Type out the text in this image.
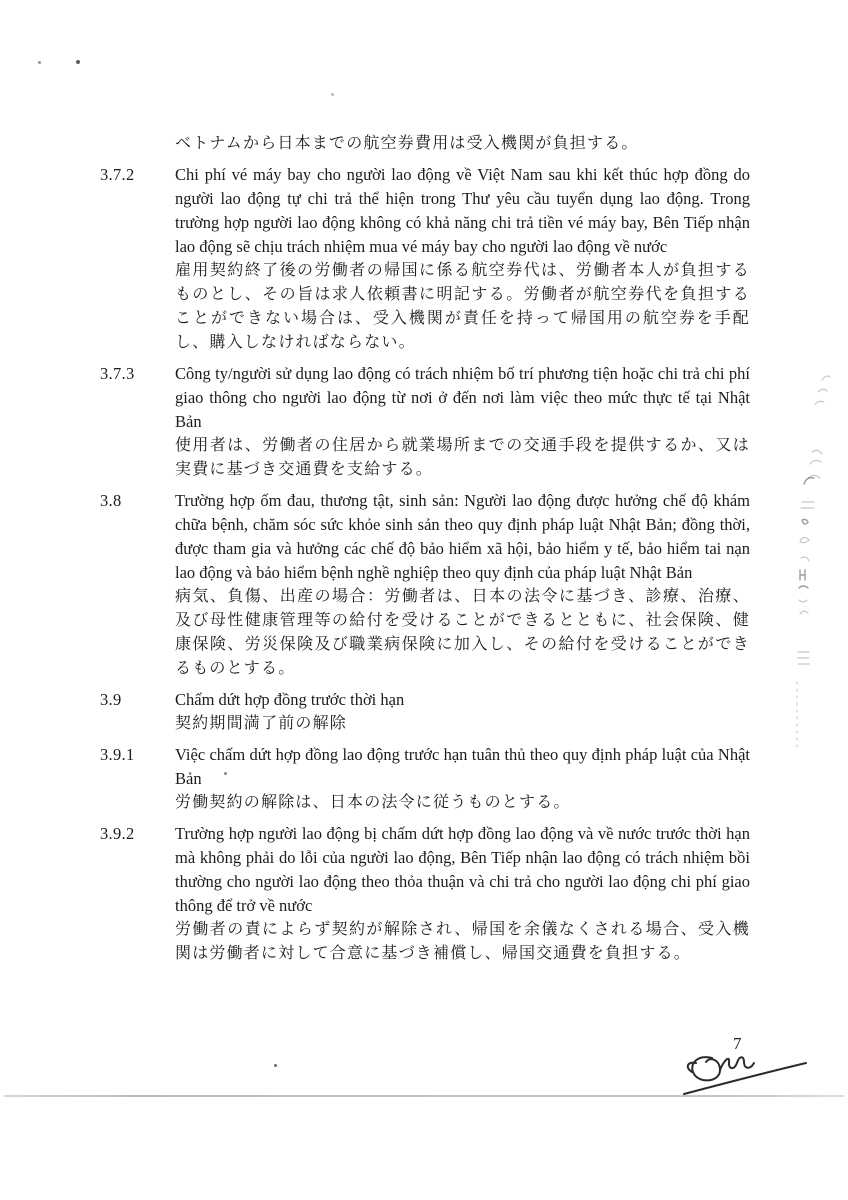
ベトナムから日本までの航空券費用は受入機関が負担する。

3.7.2	Chi phí vé máy bay cho người lao động về Việt Nam sau khi kết thúc hợp đồng do người lao động tự chi trả thể hiện trong Thư yêu cầu tuyển dụng lao động. Trong trường hợp người lao động không có khả năng chi trả tiền vé máy bay, Bên Tiếp nhận lao động sẽ chịu trách nhiệm mua vé máy bay cho người lao động về nước

雇用契約終了後の労働者の帰国に係る航空券代は、労働者本人が負担するものとし、その旨は求人依頼書に明記する。労働者が航空券代を負担することができない場合は、受入機関が責任を持って帰国用の航空券を手配し、購入しなければならない。

3.7.3	Công ty/người sử dụng lao động có trách nhiệm bố trí phương tiện hoặc chi trả chi phí giao thông cho người lao động từ nơi ở đến nơi làm việc theo mức thực tế tại Nhật Bản

使用者は、労働者の住居から就業場所までの交通手段を提供するか、又は実費に基づき交通費を支給する。

3.8	Trường hợp ốm đau, thương tật, sinh sản: Người lao động được hưởng chế độ khám chữa bệnh, chăm sóc sức khỏe sinh sản theo quy định pháp luật Nhật Bản; đồng thời, được tham gia và hưởng các chế độ bảo hiểm xã hội, bảo hiểm y tế, bảo hiểm tai nạn lao động và bảo hiểm bệnh nghề nghiệp theo quy định của pháp luật Nhật Bản

病気、負傷、出産の場合：労働者は、日本の法令に基づき、診療、治療、及び母性健康管理等の給付を受けることができるとともに、社会保険、健康保険、労災保険及び職業病保険に加入し、その給付を受けることができるものとする。

3.9	Chấm dứt hợp đồng trước thời hạn

契約期間満了前の解除

3.9.1	Việc chấm dứt hợp đồng lao động trước hạn tuân thủ theo quy định pháp luật của Nhật Bản

労働契約の解除は、日本の法令に従うものとする。

3.9.2	Trường hợp người lao động bị chấm dứt hợp đồng lao động và về nước trước thời hạn mà không phải do lỗi của người lao động, Bên Tiếp nhận lao động có trách nhiệm bồi thường cho người lao động theo thỏa thuận và chi trả cho người lao động chi phí giao thông để trở về nước

労働者の責によらず契約が解除され、帰国を余儀なくされる場合、受入機関は労働者に対して合意に基づき補償し、帰国交通費を負担する。

7
